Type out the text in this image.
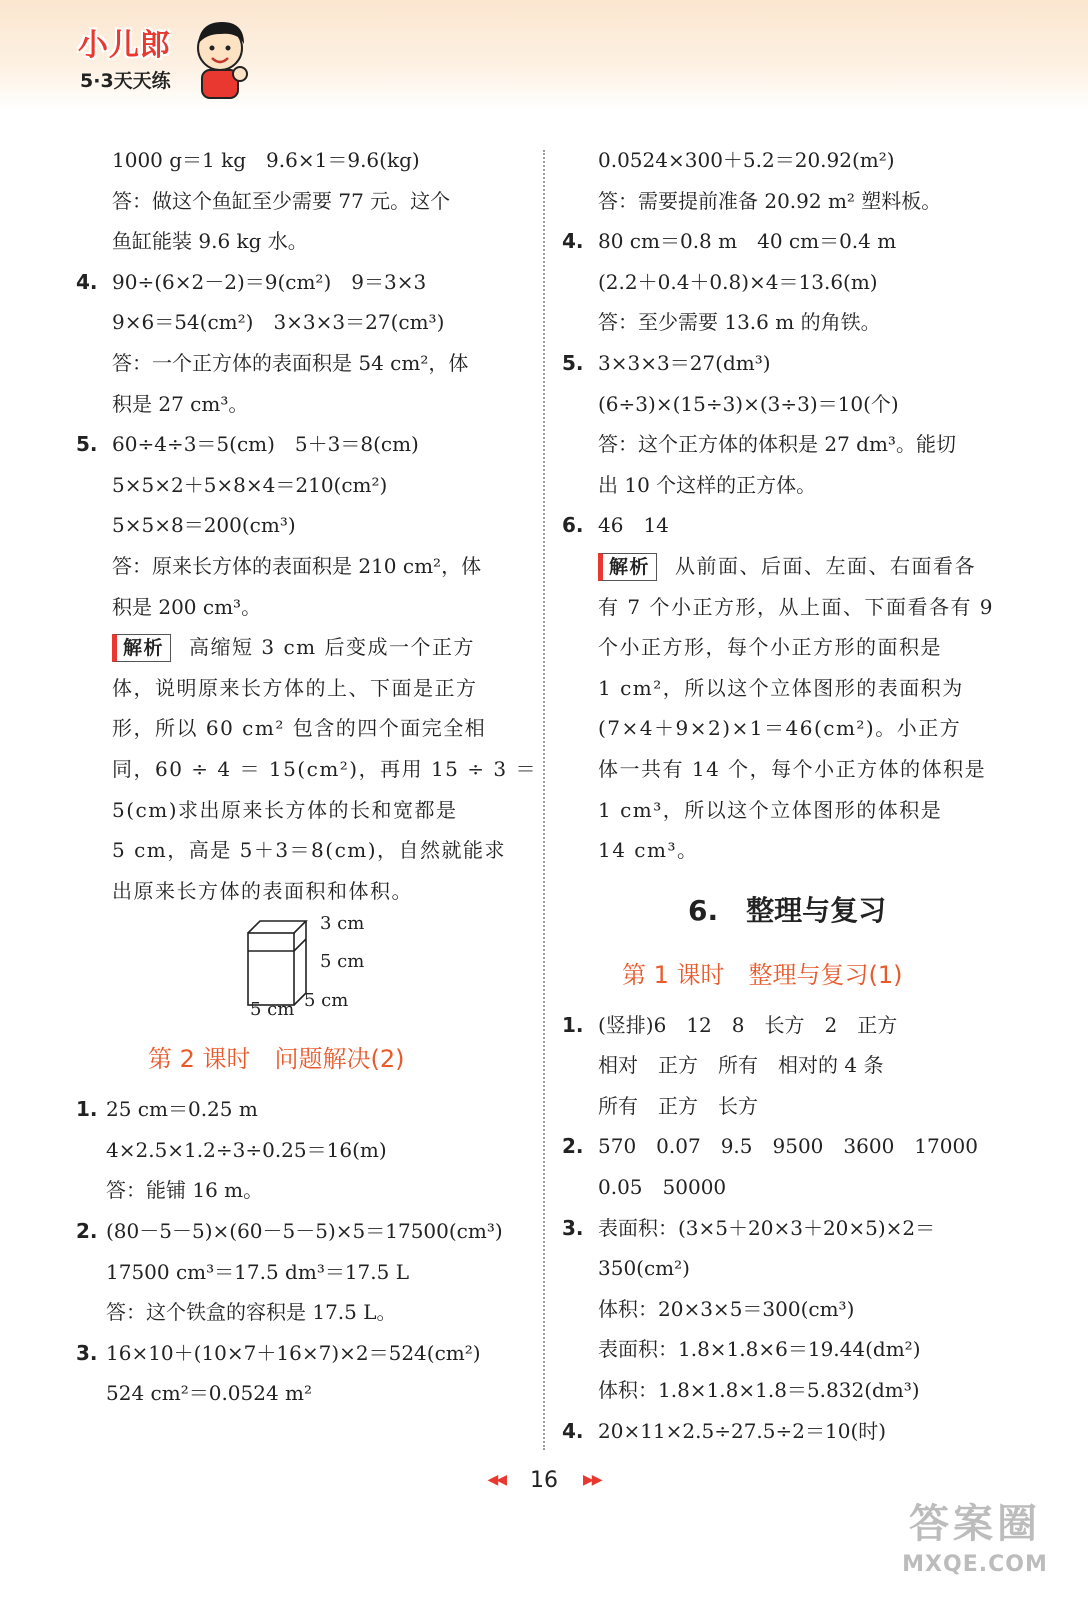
小儿郎
5·3天天练
1000 g＝1 kg　9.6×1＝9.6(kg)
答：做这个鱼缸至少需要 77 元。这个
鱼缸能装 9.6 kg 水。
4. 90÷(6×2－2)＝9(cm²)　9＝3×3
9×6＝54(cm²)　3×3×3＝27(cm³)
答：一个正方体的表面积是 54 cm²，体
积是 27 cm³。
5. 60÷4÷3＝5(cm)　5＋3＝8(cm)
5×5×2＋5×8×4＝210(cm²)
5×5×8＝200(cm³)
答：原来长方体的表面积是 210 cm²，体
积是 200 cm³。
解析 高缩短 3 cm 后变成一个正方
体，说明原来长方体的上、下面是正方
形，所以 60 cm² 包含的四个面完全相
同，60 ÷ 4 ＝ 15(cm²)，再用 15 ÷ 3 ＝
5(cm)求出原来长方体的长和宽都是
5 cm，高是 5＋3＝8(cm)，自然就能求
出原来长方体的表面积和体积。
3 cm
5 cm
5 cm 5 cm
第 2 课时　问题解决(2)
1. 25 cm＝0.25 m
4×2.5×1.2÷3÷0.25＝16(m)
答：能铺 16 m。
2. (80－5－5)×(60－5－5)×5＝17500(cm³)
17500 cm³＝17.5 dm³＝17.5 L
答：这个铁盒的容积是 17.5 L。
3. 16×10＋(10×7＋16×7)×2＝524(cm²)
524 cm²＝0.0524 m²
0.0524×300＋5.2＝20.92(m²)
答：需要提前准备 20.92 m² 塑料板。
4. 80 cm＝0.8 m　40 cm＝0.4 m
(2.2＋0.4＋0.8)×4＝13.6(m)
答：至少需要 13.6 m 的角铁。
5. 3×3×3＝27(dm³)
(6÷3)×(15÷3)×(3÷3)＝10(个)
答：这个正方体的体积是 27 dm³。能切
出 10 个这样的正方体。
6. 46　14
解析 从前面、后面、左面、右面看各
有 7 个小正方形，从上面、下面看各有 9
个小正方形，每个小正方形的面积是
1 cm²，所以这个立体图形的表面积为
(7×4＋9×2)×1＝46(cm²)。小正方
体一共有 14 个，每个小正方体的体积是
1 cm³，所以这个立体图形的体积是
14 cm³。
6.　整理与复习
第 1 课时　整理与复习(1)
1. (竖排)6　12　8　长方　2　正方
相对　正方　所有　相对的 4 条
所有　正方　长方
2. 570　0.07　9.5　9500　3600　17000
0.05　50000
3. 表面积：(3×5＋20×3＋20×5)×2＝
350(cm²)
体积：20×3×5＝300(cm³)
表面积：1.8×1.8×6＝19.44(dm²)
体积：1.8×1.8×1.8＝5.832(dm³)
4. 20×11×2.5÷27.5÷2＝10(时)
◀◀ 16 ▶▶
答案圈
MXQE.COM
